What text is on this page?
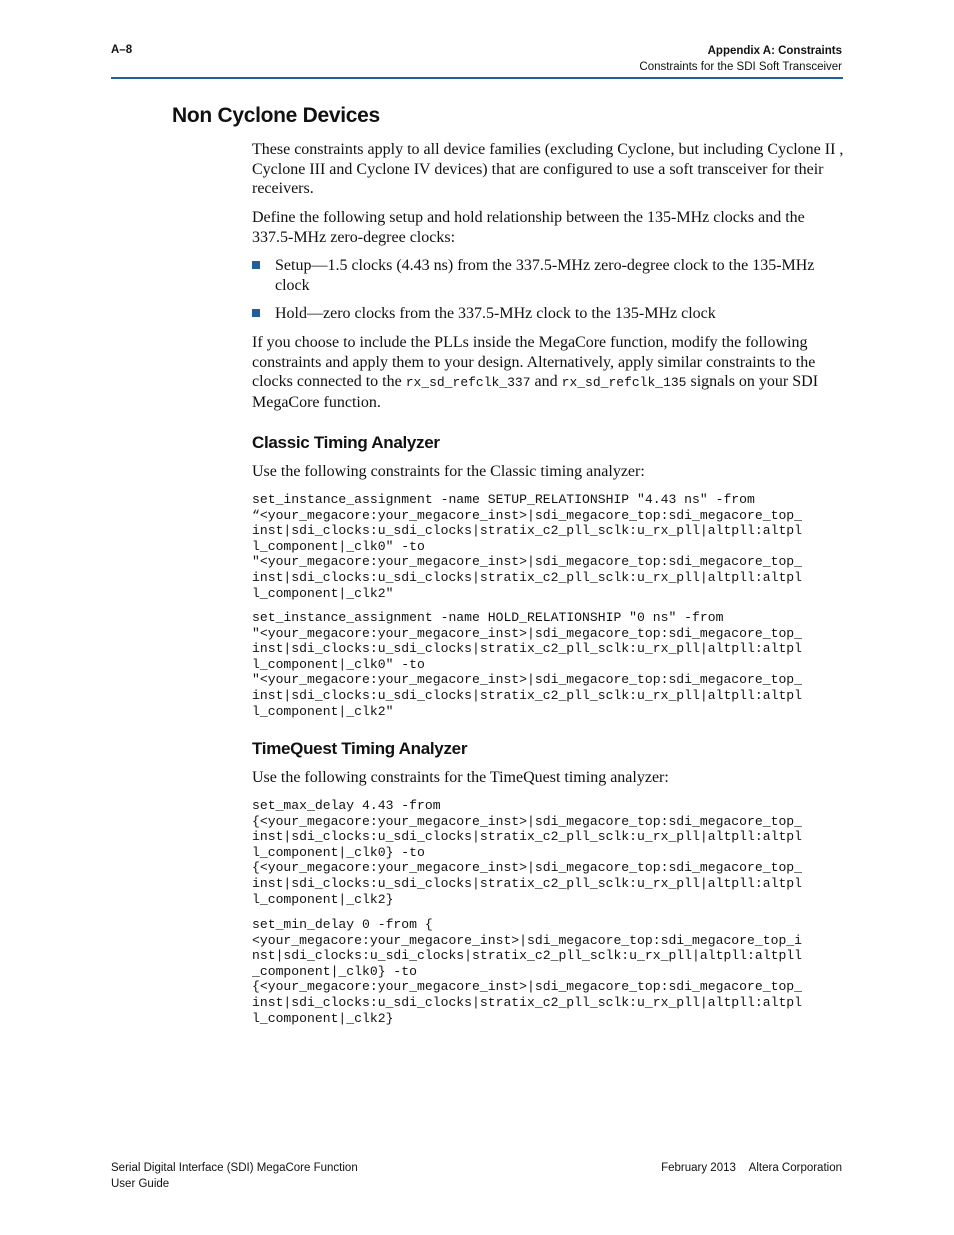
A–8	Appendix A: Constraints
Constraints for the SDI Soft Transceiver
Non Cyclone Devices

These constraints apply to all device families (excluding Cyclone, but including Cyclone II , Cyclone III and Cyclone IV devices) that are configured to use a soft transceiver for their receivers.

Define the following setup and hold relationship between the 135-MHz clocks and the 337.5-MHz zero-degree clocks:

Setup—1.5 clocks (4.43 ns) from the 337.5-MHz zero-degree clock to the 135-MHz clock
Hold—zero clocks from the 337.5-MHz clock to the 135-MHz clock

If you choose to include the PLLs inside the MegaCore function, modify the following constraints and apply them to your design. Alternatively, apply similar constraints to the clocks connected to the rx_sd_refclk_337 and rx_sd_refclk_135 signals on your SDI MegaCore function.

Classic Timing Analyzer

Use the following constraints for the Classic timing analyzer:

set_instance_assignment -name SETUP_RELATIONSHIP "4.43 ns" -from
“<your_megacore:your_megacore_inst>|sdi_megacore_top:sdi_megacore_top_
inst|sdi_clocks:u_sdi_clocks|stratix_c2_pll_sclk:u_rx_pll|altpll:altpl
l_component|_clk0" -to
"<your_megacore:your_megacore_inst>|sdi_megacore_top:sdi_megacore_top_
inst|sdi_clocks:u_sdi_clocks|stratix_c2_pll_sclk:u_rx_pll|altpll:altpl
l_component|_clk2"
set_instance_assignment -name HOLD_RELATIONSHIP "0 ns" -from
"<your_megacore:your_megacore_inst>|sdi_megacore_top:sdi_megacore_top_
inst|sdi_clocks:u_sdi_clocks|stratix_c2_pll_sclk:u_rx_pll|altpll:altpl
l_component|_clk0" -to
"<your_megacore:your_megacore_inst>|sdi_megacore_top:sdi_megacore_top_
inst|sdi_clocks:u_sdi_clocks|stratix_c2_pll_sclk:u_rx_pll|altpll:altpl
l_component|_clk2"
TimeQuest Timing Analyzer

Use the following constraints for the TimeQuest timing analyzer:

set_max_delay 4.43 -from
{<your_megacore:your_megacore_inst>|sdi_megacore_top:sdi_megacore_top_
inst|sdi_clocks:u_sdi_clocks|stratix_c2_pll_sclk:u_rx_pll|altpll:altpl
l_component|_clk0} -to
{<your_megacore:your_megacore_inst>|sdi_megacore_top:sdi_megacore_top_
inst|sdi_clocks:u_sdi_clocks|stratix_c2_pll_sclk:u_rx_pll|altpll:altpl
l_component|_clk2}
set_min_delay 0 -from {
<your_megacore:your_megacore_inst>|sdi_megacore_top:sdi_megacore_top_i
nst|sdi_clocks:u_sdi_clocks|stratix_c2_pll_sclk:u_rx_pll|altpll:altpll
_component|_clk0} -to
{<your_megacore:your_megacore_inst>|sdi_megacore_top:sdi_megacore_top_
inst|sdi_clocks:u_sdi_clocks|stratix_c2_pll_sclk:u_rx_pll|altpll:altpl
l_component|_clk2}
Serial Digital Interface (SDI) MegaCore Function
User Guide
February 2013 Altera Corporation
